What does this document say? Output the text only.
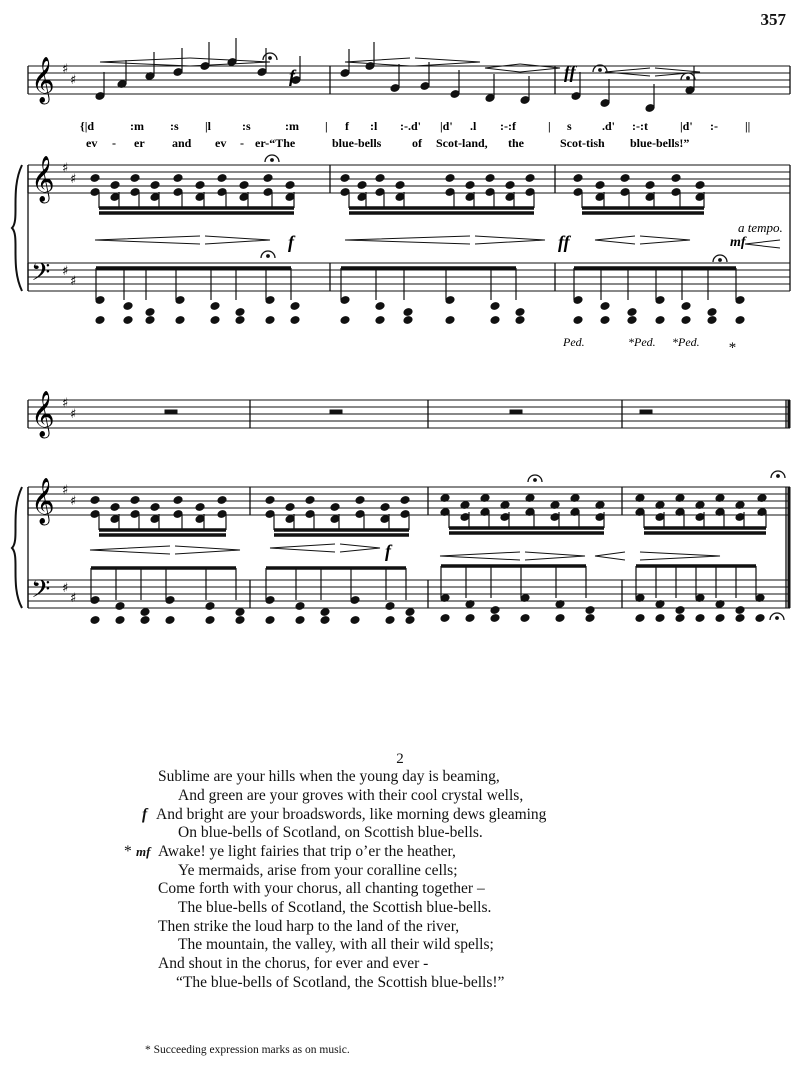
357
𝄞
𝄞
𝄞
𝄞
𝄢
𝄢
♯
♯
♯
♯
♯
♯
♯
♯
♯
♯
♯
♯
{|d	:m :s |l	:s	:m | f :l :-.d' |d' .l :-:f	| s	.d' :-:t	|d' :- ||
ev - er and ev - er-“The	blue-bells	of Scot-land, the	Scot-tish blue-bells!”
f	ff
f	ff
a tempo.
mf
f
Ped.	*Ped. *Ped. *
2
Sublime are your hills when the young day is beaming,
And green are your groves with their cool crystal wells,
f And bright are your broadswords, like morning dews gleaming
On blue-bells of Scotland, on Scottish blue-bells.
* mf Awake! ye light fairies that trip o’er the heather,
Ye mermaids, arise from your coralline cells;
Come forth with your chorus, all chanting together –
The blue-bells of Scotland, the Scottish blue-bells.
Then strike the loud harp to the land of the river,
The mountain, the valley, with all their wild spells;
And shout in the chorus, for ever and ever -
“The blue-bells of Scotland, the Scottish blue-bells!”
* Succeeding expression marks as on music.
